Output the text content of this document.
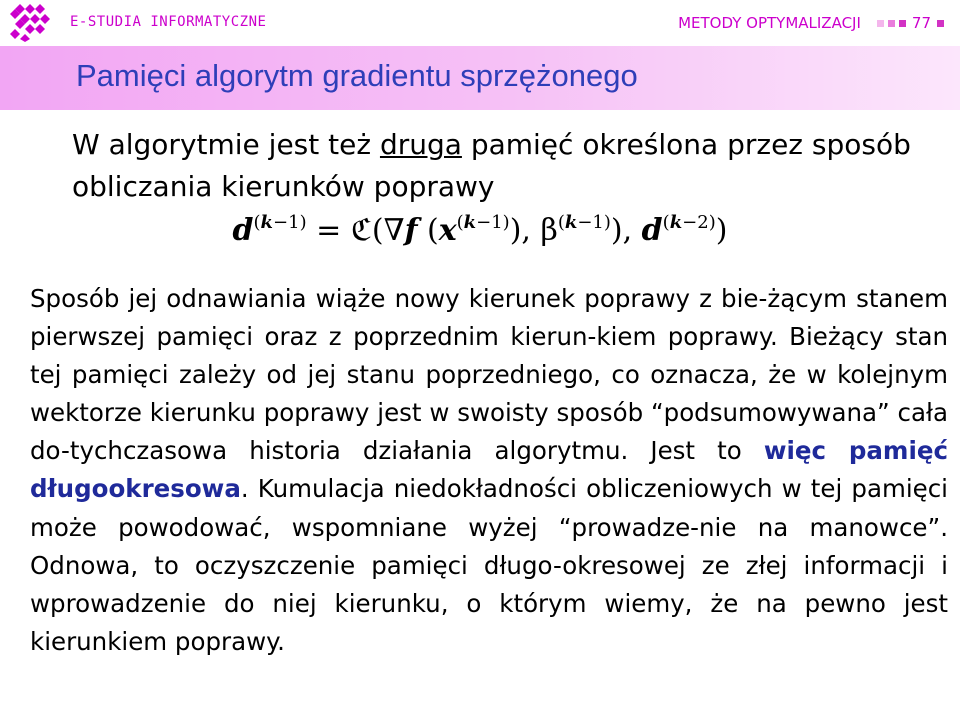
E-STUDIA INFORMATYCZNE	METODY OPTYMALIZACJI	77
Pamięci algorytm gradientu sprzężonego
W algorytmie jest też druga pamięć określona przez sposób obliczania kierunków poprawy
$d^{(k-1)}$ = ℭ(∇f $(x^{(k-1)})$, $\beta^{(k-1)}$), $d^{(k-2)}$)
Sposób jej odnawiania wiąże nowy kierunek poprawy z bie-żącym stanem pierwszej pamięci oraz z poprzednim kierun-kiem poprawy. Bieżący stan tej pamięci zależy od jej stanu poprzedniego, co oznacza, że w kolejnym wektorze kierunku poprawy jest w swoisty sposób “podsumowywana” cała do-tychczasowa historia działania algorytmu. Jest to więc pamięć długookresowa. Kumulacja niedokładności obliczeniowych w tej pamięci może powodować, wspomniane wyżej “prowadze-nie na manowce”. Odnowa, to oczyszczenie pamięci długo-okresowej ze złej informacji i wprowadzenie do niej kierunku, o którym wiemy, że na pewno jest kierunkiem poprawy.
